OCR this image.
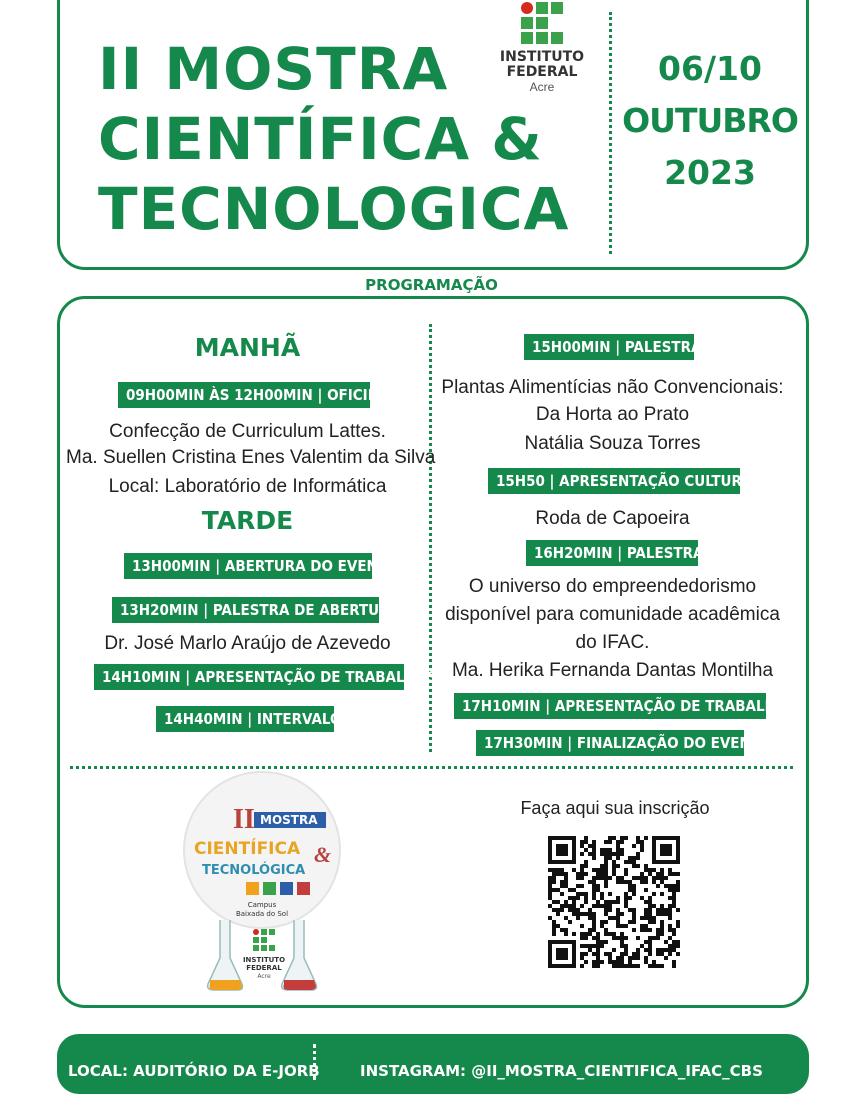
II MOSTRA
CIENTÍFICA &
TECNOLOGICA
INSTITUTO
FEDERAL
Acre	06/10
OUTUBRO
2023
PROGRAMAÇÃO
MANHÃ
09H00MIN ÀS 12H00MIN | OFICINA
Confecção de Curriculum Lattes.
Ma. Suellen Cristina Enes Valentim da Silva
Local: Laboratório de Informática
TARDE
13H00MIN | ABERTURA DO EVENTO
13H20MIN | PALESTRA DE ABERTURA
Dr. José Marlo Araújo de Azevedo
14H10MIN | APRESENTAÇÃO DE TRABALHOS
14H40MIN | INTERVALO
15H00MIN | PALESTRA
Plantas Alimentícias não Convencionais:
Da Horta ao Prato
Natália Souza Torres
15H50 | APRESENTAÇÃO CULTURAL
Roda de Capoeira
16H20MIN | PALESTRA
O universo do empreendedorismo
disponível para comunidade acadêmica
do IFAC.
Ma. Herika Fernanda Dantas Montilha
17H10MIN | APRESENTAÇÃO DE TRABALHOS
17H30MIN | FINALIZAÇÃO DO EVENTO
II MOSTRA
CIENTÍFICA &
TECNOLÓGICA
Campus
Baixada do Sol
INSTITUTO
FEDERAL
Acre
Faça aqui sua inscrição
LOCAL: AUDITÓRIO DA E-JORB	INSTAGRAM: @II_MOSTRA_CIENTIFICA_IFAC_CBS
